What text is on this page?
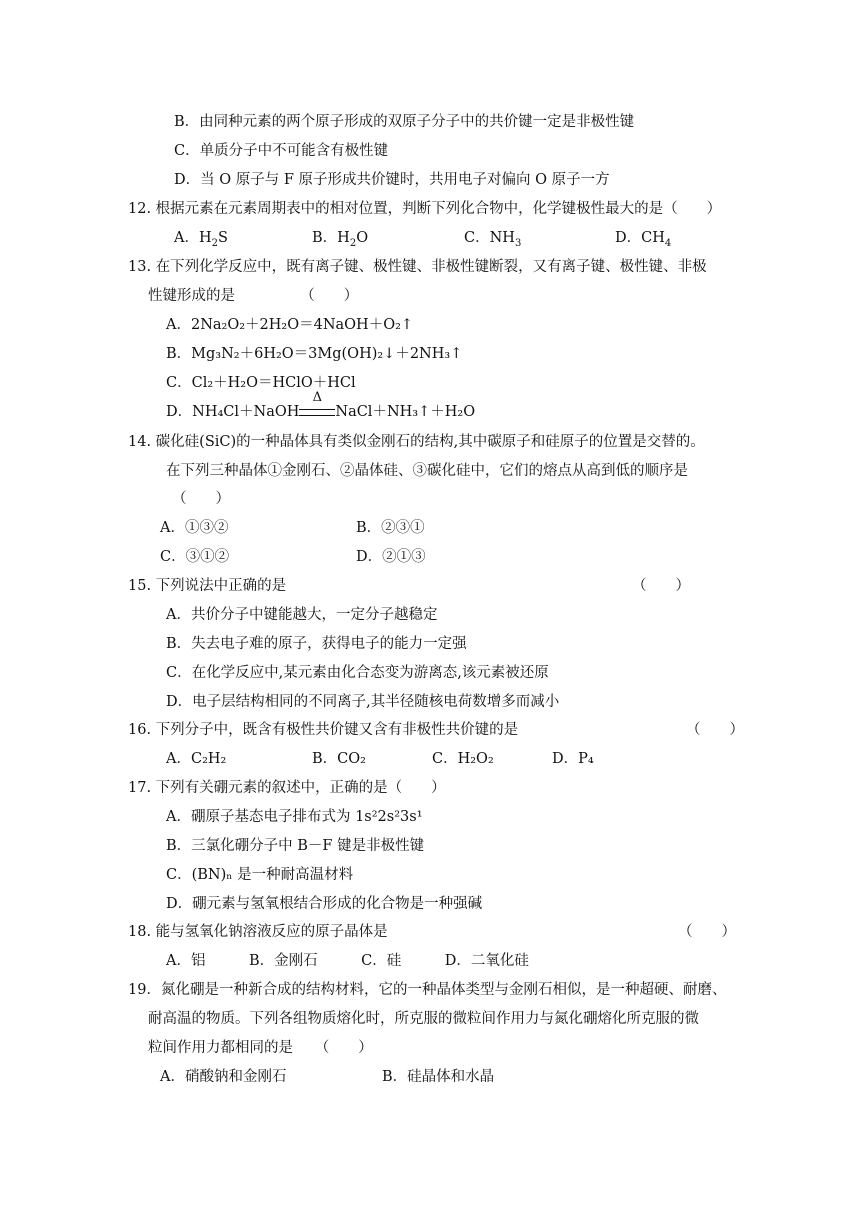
B．由同种元素的两个原子形成的双原子分子中的共价键一定是非极性键
C．单质分子中不可能含有极性键
D．当 O 原子与 F 原子形成共价键时，共用电子对偏向 O 原子一方
12. 根据元素在元素周期表中的相对位置，判断下列化合物中，化学键极性最大的是（　　）
A．$H_2S$	B．$H_2O$	C．$NH_3$	D．$CH_4$
13. 在下列化学反应中，既有离子键、极性键、非极性键断裂，又有离子键、极性键、非极
性键形成的是　　　　　（　　）
A．2Na₂O₂＋2H₂O＝4NaOH＋O₂↑
B．Mg₃N₂＋6H₂O＝3Mg(OH)₂↓＋2NH₃↑
C．Cl₂＋H₂O＝HClO＋HCl
D．NH₄Cl＋NaOH
Δ
NaCl＋NH₃↑＋H₂O
14. 碳化硅(SiC)的一种晶体具有类似金刚石的结构,其中碳原子和硅原子的位置是交替的。
在下列三种晶体①金刚石、②晶体硅、③碳化硅中，它们的熔点从高到低的顺序是
（　　）
A．①③②	B．②③①
C．③①②	D．②①③
15. 下列说法中正确的是	（　　）
A．共价分子中键能越大，一定分子越稳定
B．失去电子难的原子，获得电子的能力一定强
C．在化学反应中,某元素由化合态变为游离态,该元素被还原
D．电子层结构相同的不同离子,其半径随核电荷数增多而减小
16. 下列分子中，既含有极性共价键又含有非极性共价键的是	（　　）
A．C₂H₂	B．CO₂	C．H₂O₂	D．P₄
17. 下列有关硼元素的叙述中，正确的是（　　）
A．硼原子基态电子排布式为 1s²2s²3s¹
B．三氯化硼分子中 B－F 键是非极性键
C．(BN)ₙ 是一种耐高温材料
D．硼元素与氢氧根结合形成的化合物是一种强碱
18. 能与氢氧化钠溶液反应的原子晶体是	（　　）
A．铝　　　B．金刚石　　　C．硅　　　D．二氧化硅
19．氮化硼是一种新合成的结构材料，它的一种晶体类型与金刚石相似，是一种超硬、耐磨、
耐高温的物质。下列各组物质熔化时，所克服的微粒间作用力与氮化硼熔化所克服的微
粒间作用力都相同的是　　（　　）
A．硝酸钠和金刚石	B．硅晶体和水晶
